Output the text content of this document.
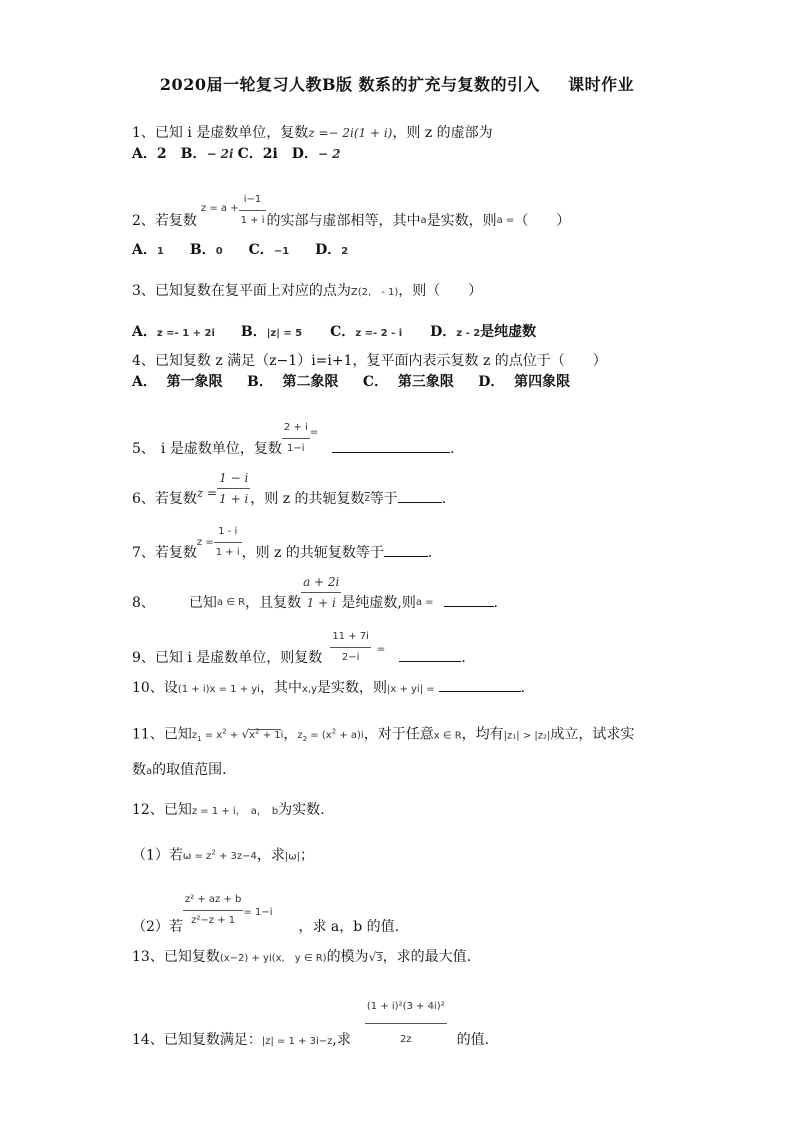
2020届一轮复习人教B版 数系的扩充与复数的引入 课时作业
1、已知 i 是虚数单位，复数z =− 2i(1 + i)，则 z 的虚部为
A．2 B．− 2i C．2i D．− 2
2、若复数$_{z = a +} \frac{i-1}{1 + i}$ 的实部与虚部相等，其中$_a$是实数，则$_{a =}$（　　）
A．1 B．0 C．−1 D．2
3、已知复数在复平面上对应的点为Z(2,　- 1)，则（　　）
A．z =- 1 + 2i B．|z| = 5 C．z =- 2 - i D．z - 2是纯虚数
4、已知复数 z 满足（z−1）i=i+1，复平面内表示复数 z 的点位于（　　）
A．  第一象限     B．  第二象限     C．  第三象限     D．  第四象限
5、 i 是虚数单位，复数 $\frac{2 + i}{1-i} _=$.
6、若复数$z = \frac{1 - i}{1 + i}$ ，则 z 的共轭复数$_{\overline{z}}$等于	.
7、若复数$_{z =} \frac{1 - i}{1 + i}$ ，则 z 的共轭复数等于	.
8、 已知$_{a \in R}$，且复数 $\frac{a + 2i}{1 + i}$ 是纯虚数,则$_{a =}$	.
9、已知 i 是虚数单位，则复数 $\frac{11 + 7i}{2-i} _=$.
10、设(1 + i)x = 1 + yi，其中x,y是实数，则|x + yi| =	.
11、已知$z_1 = x^2 + √x^2 + 1i$，$z_2 = (x^2 + a)i$，对于任意x ∈ R，均有|z₁| > |z₂|成立，试求实
数a的取值范围.
12、已知z = 1 + i，　a，　b为实数.
（1）若$\omega = z^2 + 3z-4$，求|ω|；
（2）若 $\frac{\text{z² + az + b}}{\text{z²−z + 1}} _{= 1-i}$，求 a，b 的值.
13、已知复数(x−2) + yi(x,　y ∈ R)的模为√3，求的最大值.
14、已知复数满足：$_{|z| = 1 + 3i-z}$,求 $\frac{\text{(1 + i)²(3 + 4i)²}}{2z}$ 的值.
